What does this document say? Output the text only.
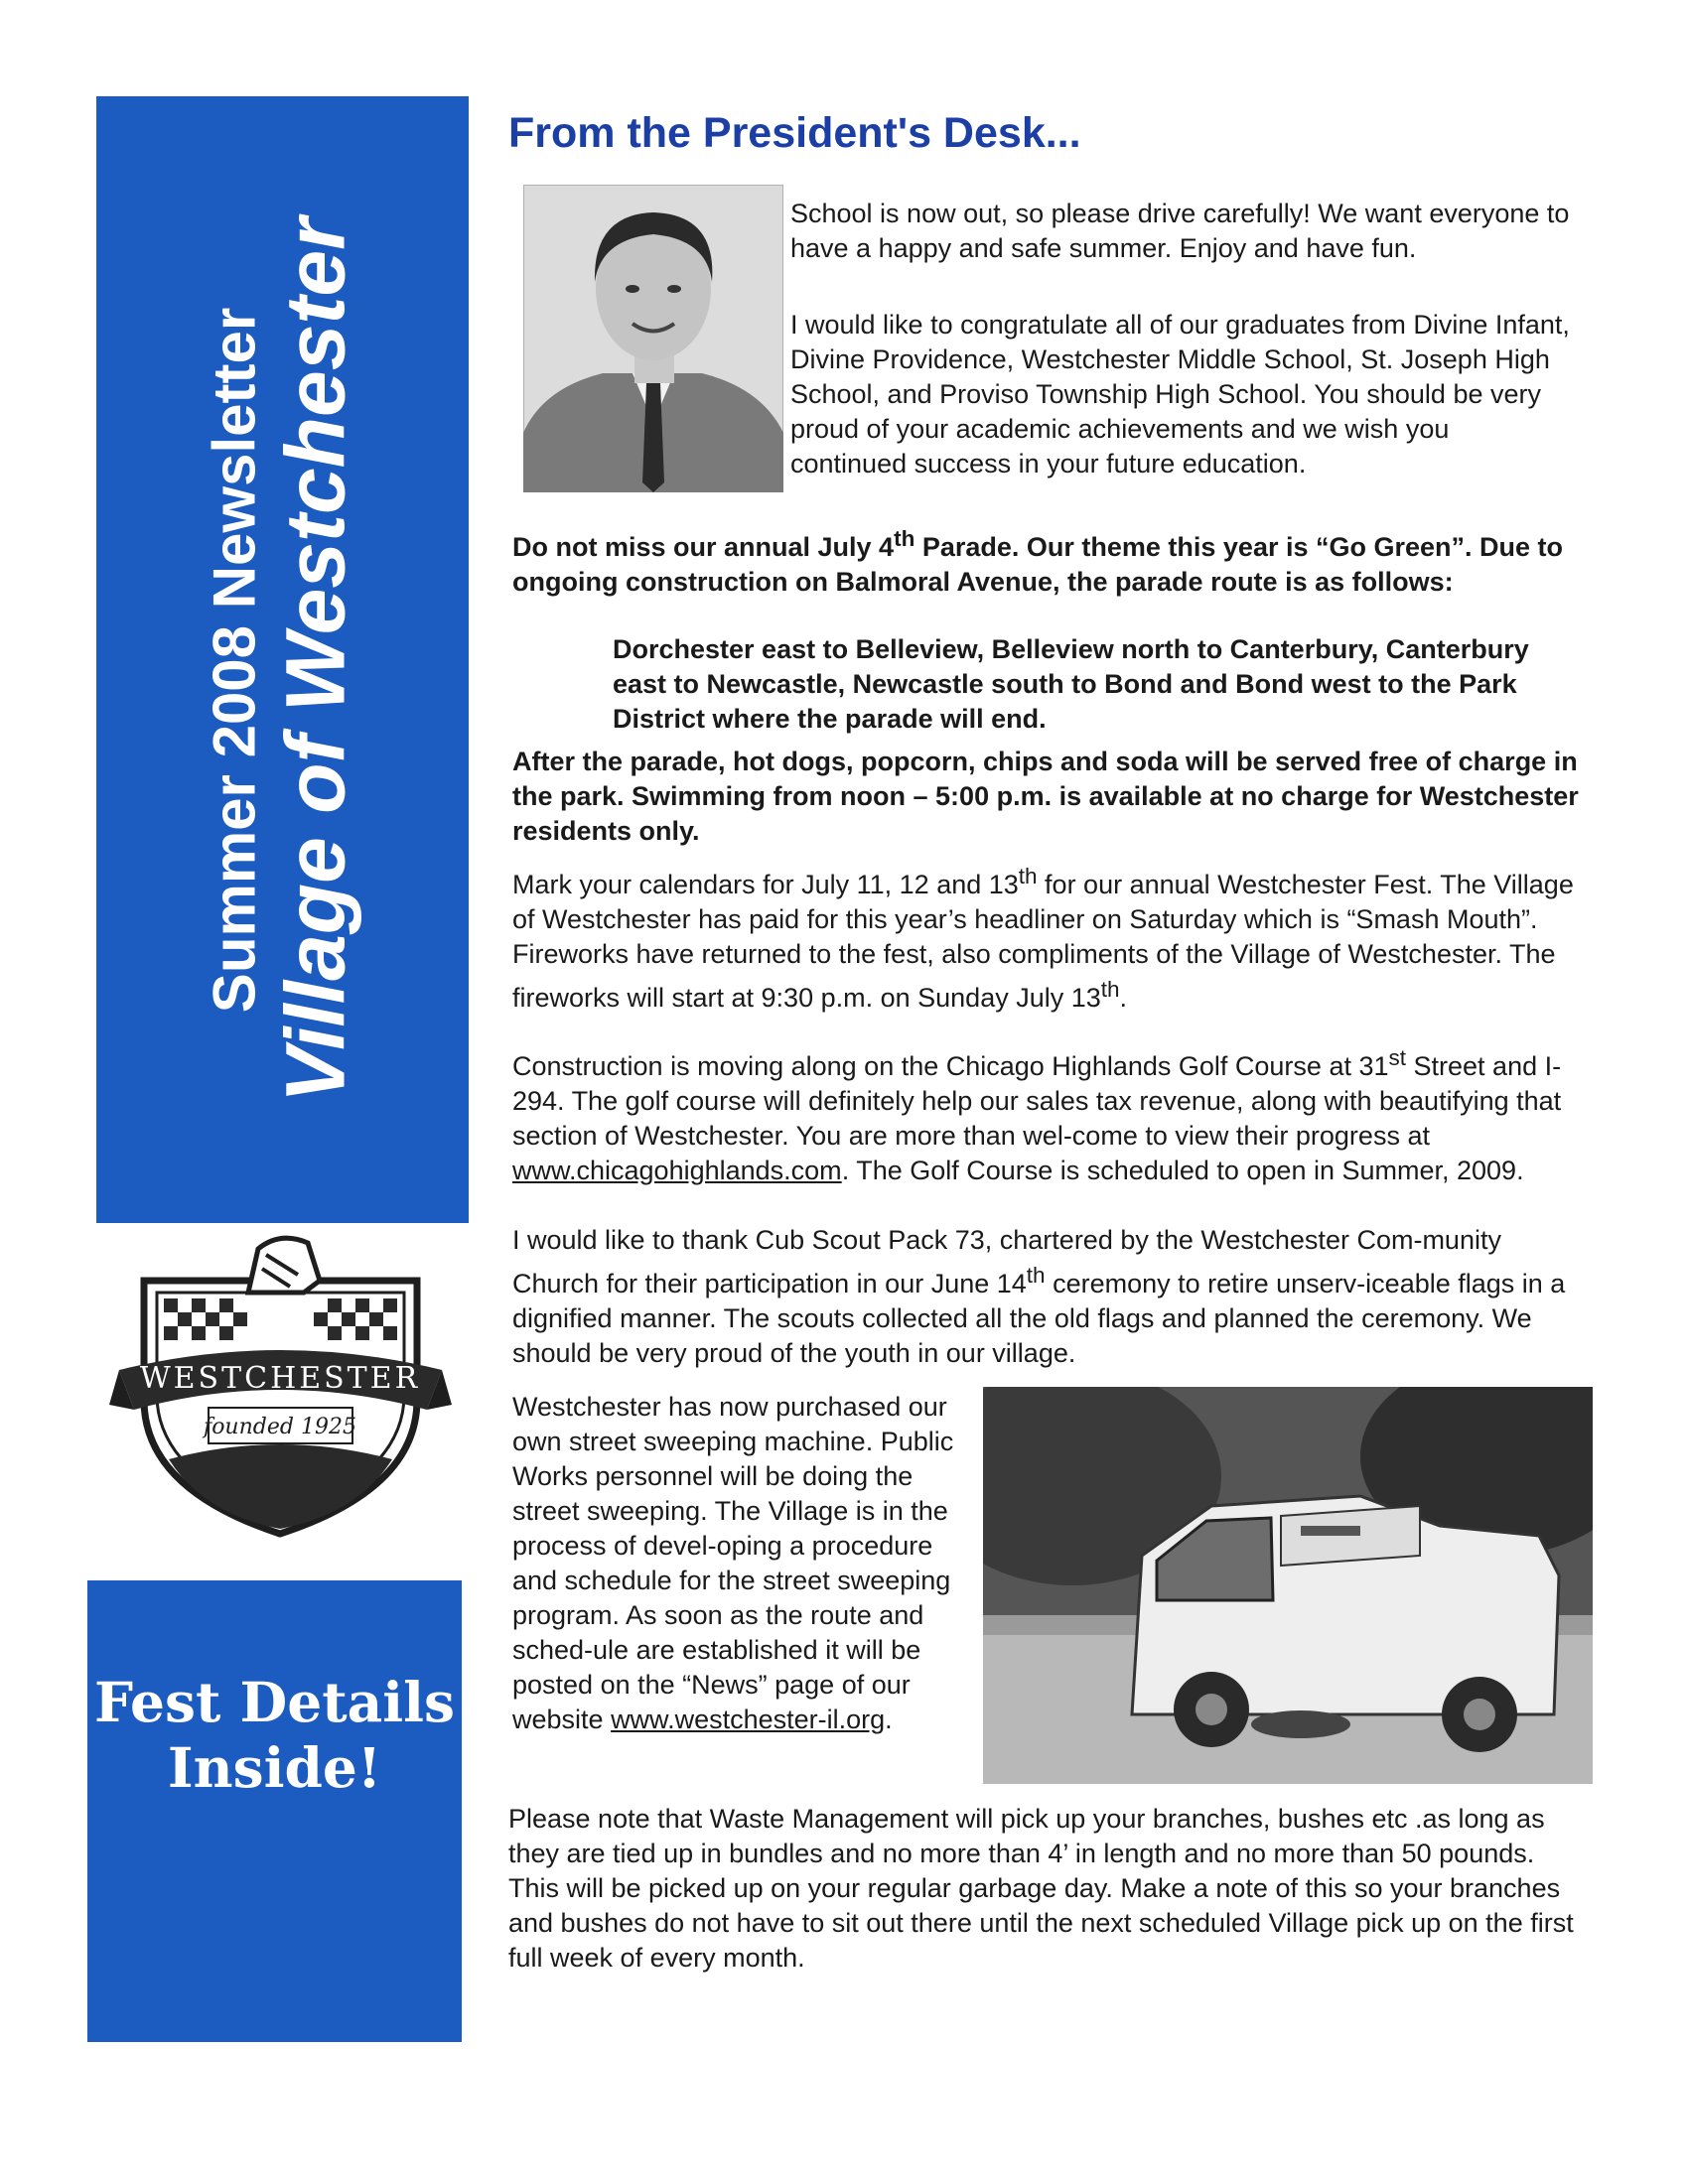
Summer 2008 Newsletter Village of Westchester
WESTCHESTER
founded 1925
Fest Details
Inside!
From the President's Desk...

School is now out, so please drive carefully! We want everyone to have a happy and safe summer. Enjoy and have fun.

I would like to congratulate all of our graduates from Divine Infant, Divine Providence, Westchester Middle School, St. Joseph High School, and Proviso Township High School. You should be very proud of your academic achievements and we wish you continued success in your future education.

Do not miss our annual July 4th Parade. Our theme this year is “Go Green”. Due to ongoing construction on Balmoral Avenue, the parade route is as follows:

Dorchester east to Belleview, Belleview north to Canterbury, Canterbury east to Newcastle, Newcastle south to Bond and Bond west to the Park District where the parade will end.

After the parade, hot dogs, popcorn, chips and soda will be served free of charge in the park. Swimming from noon – 5:00 p.m. is available at no charge for Westchester residents only.

Mark your calendars for July 11, 12 and 13th for our annual Westchester Fest. The Village of Westchester has paid for this year’s headliner on Saturday which is “Smash Mouth”. Fireworks have returned to the fest, also compliments of the Village of Westchester. The fireworks will start at 9:30 p.m. on Sunday July 13th.

Construction is moving along on the Chicago Highlands Golf Course at 31st Street and I-294. The golf course will definitely help our sales tax revenue, along with beautifying that section of Westchester. You are more than wel-come to view their progress at www.chicagohighlands.com. The Golf Course is scheduled to open in Summer, 2009.

I would like to thank Cub Scout Pack 73, chartered by the Westchester Com-munity Church for their participation in our June 14th ceremony to retire unserv-iceable flags in a dignified manner. The scouts collected all the old flags and planned the ceremony. We should be very proud of the youth in our village.

Westchester has now purchased our own street sweeping machine. Public Works personnel will be doing the street sweeping. The Village is in the process of devel-oping a procedure and schedule for the street sweeping program. As soon as the route and sched-ule are established it will be posted on the “News” page of our website www.westchester-il.org.

Please note that Waste Management will pick up your branches, bushes etc .as long as they are tied up in bundles and no more than 4’ in length and no more than 50 pounds. This will be picked up on your regular garbage day. Make a note of this so your branches and bushes do not have to sit out there until the next scheduled Village pick up on the first full week of every month.
